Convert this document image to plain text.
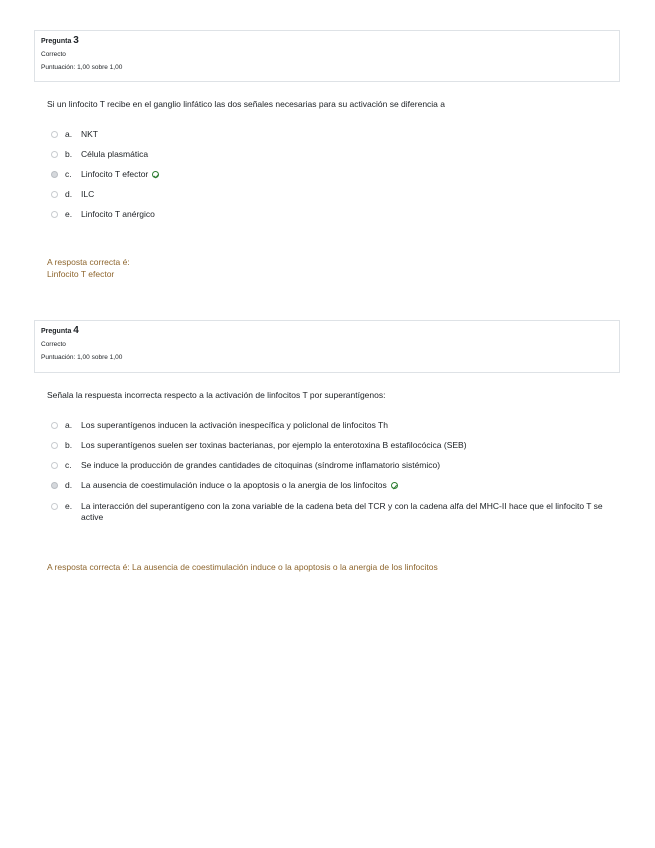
Pregunta 3
Correcto
Puntuación: 1,00 sobre 1,00
Si un linfocito T recibe en el ganglio linfático las dos señales necesarias para su activación se diferencia a
a.	NKT
b.	Célula plasmática
c.	Linfocito T efector
d.	ILC
e.	Linfocito T anérgico
A resposta correcta é:
Linfocito T efector
Pregunta 4
Correcto
Puntuación: 1,00 sobre 1,00
Señala la respuesta incorrecta respecto a la activación de linfocitos T por superantígenos:
a.	Los superantígenos inducen la activación inespecífica y policlonal de linfocitos Th
b.	Los superantígenos suelen ser toxinas bacterianas, por ejemplo la enterotoxina B estafilocócica (SEB)
c.	Se induce la producción de grandes cantidades de citoquinas (síndrome inflamatorio sistémico)
d.	La ausencia de coestimulación induce o la apoptosis o la anergia de los linfocitos
e.	La interacción del superantígeno con la zona variable de la cadena beta del TCR y con la cadena alfa del MHC-II hace que el linfocito T se active
A resposta correcta é: La ausencia de coestimulación induce o la apoptosis o la anergia de los linfocitos
